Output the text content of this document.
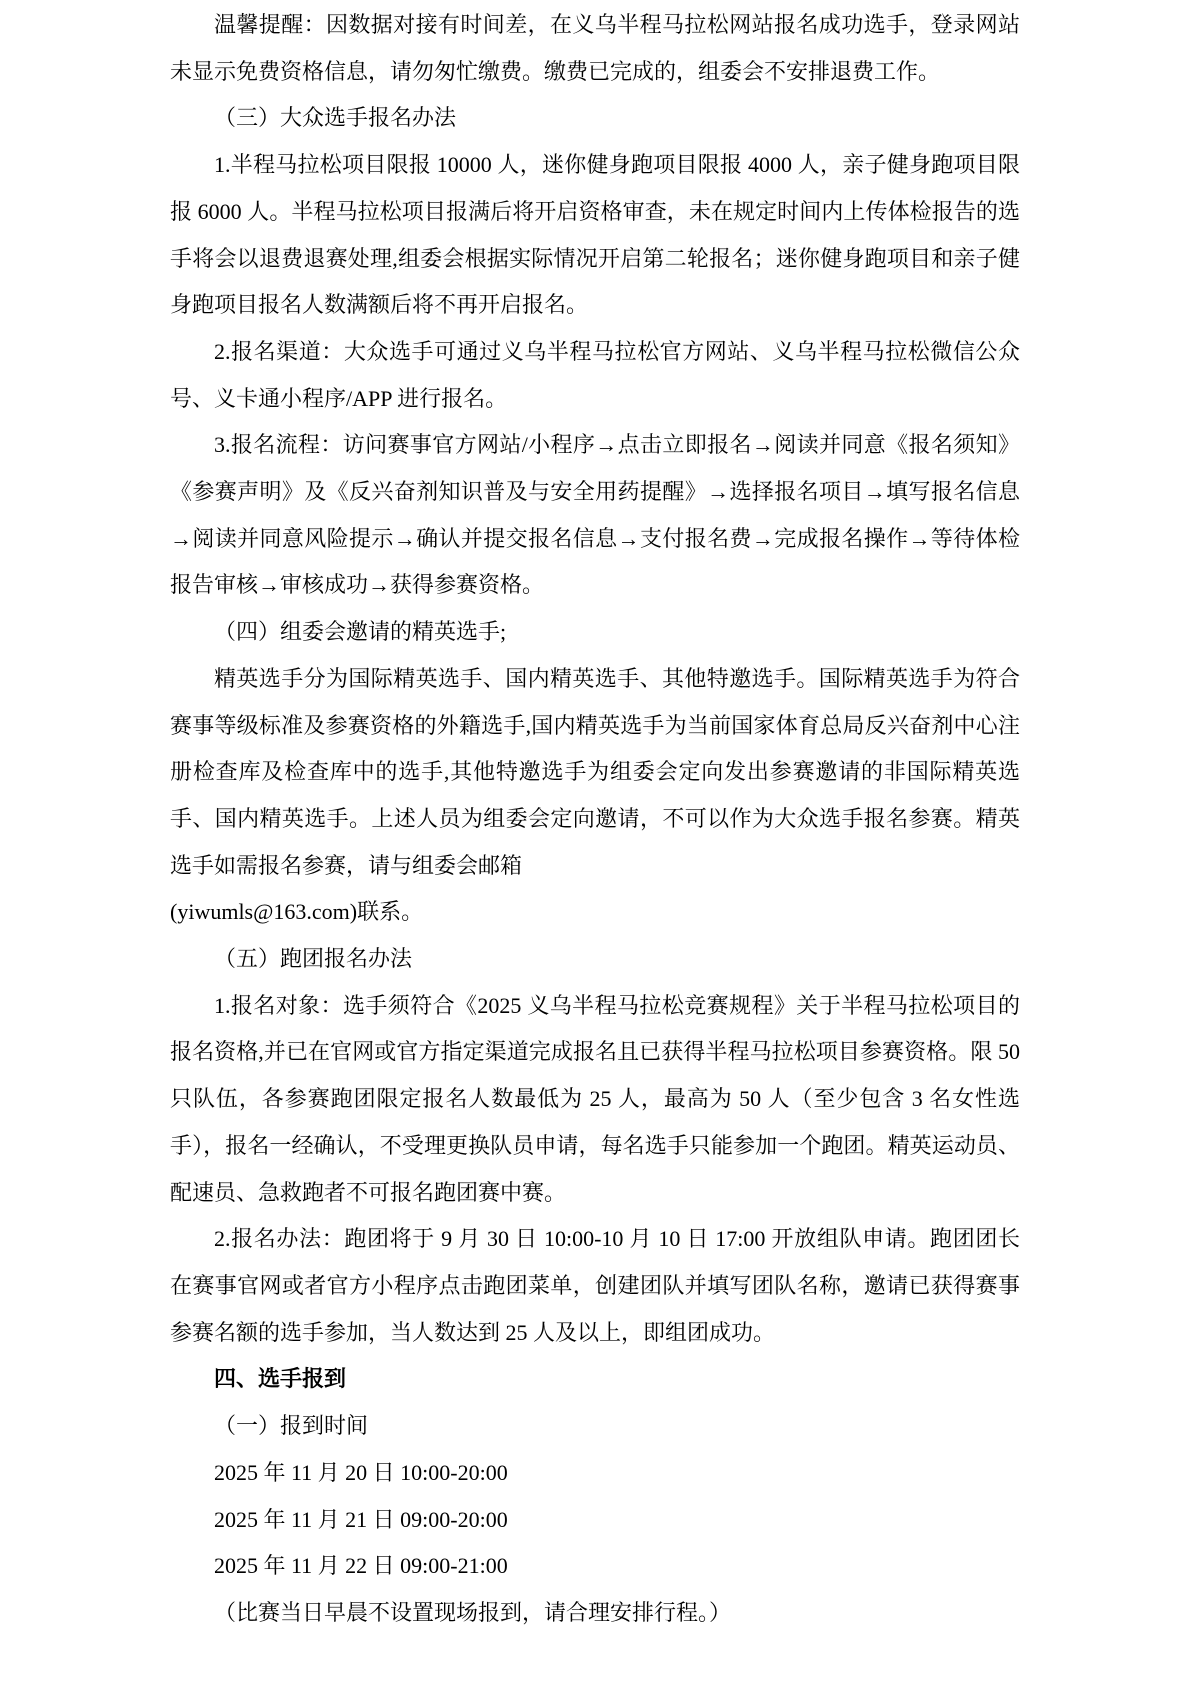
温馨提醒：因数据对接有时间差，在义乌半程马拉松网站报名成功选手，登录网站未显示免费资格信息，请勿匆忙缴费。缴费已完成的，组委会不安排退费工作。

（三）大众选手报名办法

1.半程马拉松项目限报 10000 人，迷你健身跑项目限报 4000 人，亲子健身跑项目限报 6000 人。半程马拉松项目报满后将开启资格审查，未在规定时间内上传体检报告的选手将会以退费退赛处理,组委会根据实际情况开启第二轮报名；迷你健身跑项目和亲子健身跑项目报名人数满额后将不再开启报名。

2.报名渠道：大众选手可通过义乌半程马拉松官方网站、义乌半程马拉松微信公众号、义卡通小程序/APP 进行报名。

3.报名流程：访问赛事官方网站/小程序→点击立即报名→阅读并同意《报名须知》《参赛声明》及《反兴奋剂知识普及与安全用药提醒》→选择报名项目→填写报名信息→阅读并同意风险提示→确认并提交报名信息→支付报名费→完成报名操作→等待体检报告审核→审核成功→获得参赛资格。

（四）组委会邀请的精英选手;

精英选手分为国际精英选手、国内精英选手、其他特邀选手。国际精英选手为符合赛事等级标准及参赛资格的外籍选手,国内精英选手为当前国家体育总局反兴奋剂中心注册检查库及检查库中的选手,其他特邀选手为组委会定向发出参赛邀请的非国际精英选手、国内精英选手。上述人员为组委会定向邀请，不可以作为大众选手报名参赛。精英选手如需报名参赛，请与组委会邮箱

(yiwumls@163.com)联系。

（五）跑团报名办法

1.报名对象：选手须符合《2025 义乌半程马拉松竞赛规程》关于半程马拉松项目的报名资格,并已在官网或官方指定渠道完成报名且已获得半程马拉松项目参赛资格。限 50 只队伍，各参赛跑团限定报名人数最低为 25 人，最高为 50 人（至少包含 3 名女性选手），报名一经确认，不受理更换队员申请，每名选手只能参加一个跑团。精英运动员、配速员、急救跑者不可报名跑团赛中赛。

2.报名办法：跑团将于 9 月 30 日 10:00-10 月 10 日 17:00 开放组队申请。跑团团长在赛事官网或者官方小程序点击跑团菜单，创建团队并填写团队名称，邀请已获得赛事参赛名额的选手参加，当人数达到 25 人及以上，即组团成功。

四、选手报到

（一）报到时间

2025 年 11 月 20 日 10:00-20:00

2025 年 11 月 21 日 09:00-20:00

2025 年 11 月 22 日 09:00-21:00

（比赛当日早晨不设置现场报到，请合理安排行程。）
